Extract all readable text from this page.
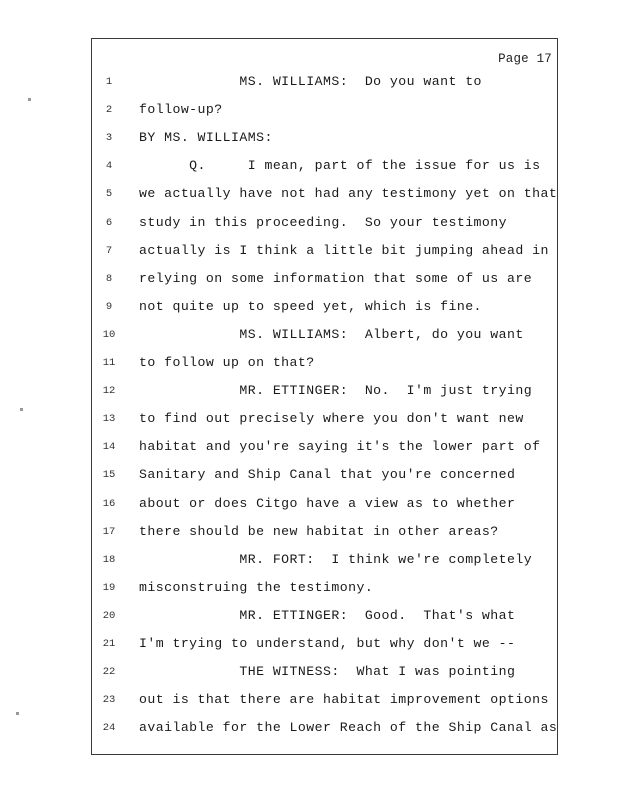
Page 17
1	MS. WILLIAMS:  Do you want to
2	follow-up?
3	BY MS. WILLIAMS:
4	Q.     I mean, part of the issue for us is
5	we actually have not had any testimony yet on that
6	study in this proceeding.  So your testimony
7	actually is I think a little bit jumping ahead in
8	relying on some information that some of us are
9	not quite up to speed yet, which is fine.
10 MS. WILLIAMS:  Albert, do you want
11 to follow up on that?
12 MR. ETTINGER:  No.  I'm just trying
13 to find out precisely where you don't want new
14 habitat and you're saying it's the lower part of
15 Sanitary and Ship Canal that you're concerned
16 about or does Citgo have a view as to whether
17 there should be new habitat in other areas?
18 MR. FORT:  I think we're completely
19 misconstruing the testimony.
20 MR. ETTINGER:  Good.  That's what
21 I'm trying to understand, but why don't we --
22 THE WITNESS:  What I was pointing
23 out is that there are habitat improvement options
24 available for the Lower Reach of the Ship Canal as
